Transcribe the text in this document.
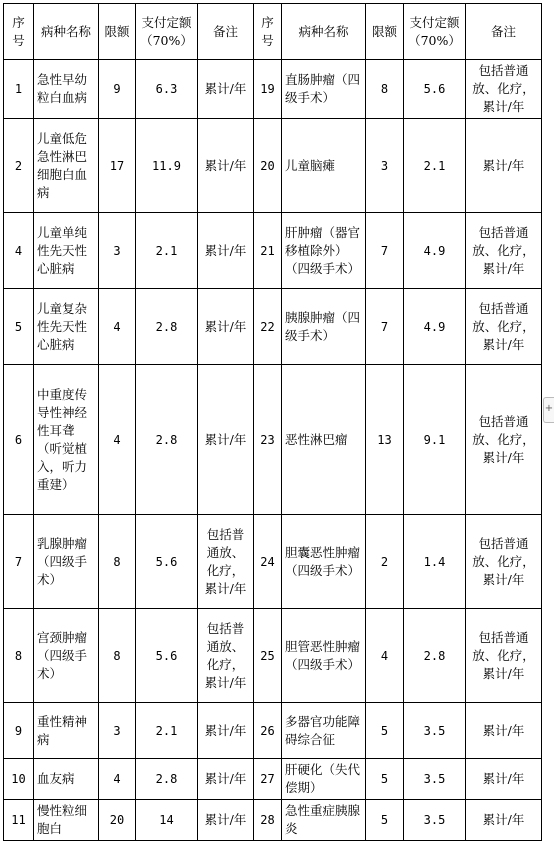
序号	病种名称	限额	支付定额（70%）	备注	序号	病种名称	限额	支付定额（70%）	备注
1	急性早幼粒白血病	9	6.3	累计/年	19	直肠肿瘤（四级手术）	8	5.6	包括普通放、化疗，累计/年
2	儿童低危急性淋巴细胞白血病	17	11.9	累计/年	20	儿童脑瘫	3	2.1	累计/年
4	儿童单纯性先天性心脏病	3	2.1	累计/年	21	肝肿瘤（器官移植除外）（四级手术）	7	4.9	包括普通放、化疗，累计/年
5	儿童复杂性先天性心脏病	4	2.8	累计/年	22	胰腺肿瘤（四级手术）	7	4.9	包括普通放、化疗，累计/年
6	中重度传导性神经性耳聋（听觉植入，听力重建）	4	2.8	累计/年	23	恶性淋巴瘤	13	9.1	包括普通放、化疗，累计/年
7	乳腺肿瘤（四级手术）	8	5.6	包括普通放、化疗，累计/年	24	胆囊恶性肿瘤（四级手术）	2	1.4	包括普通放、化疗，累计/年
8	宫颈肿瘤（四级手术）	8	5.6	包括普通放、化疗，累计/年	25	胆管恶性肿瘤（四级手术）	4	2.8	包括普通放、化疗，累计/年
9	重性精神病	3	2.1	累计/年	26	多器官功能障碍综合征	5	3.5	累计/年
10	血友病	4	2.8	累计/年	27	肝硬化（失代偿期）	5	3.5	累计/年
11	慢性粒细胞白	20	14	累计/年	28	急性重症胰腺炎	5	3.5	累计/年
+
